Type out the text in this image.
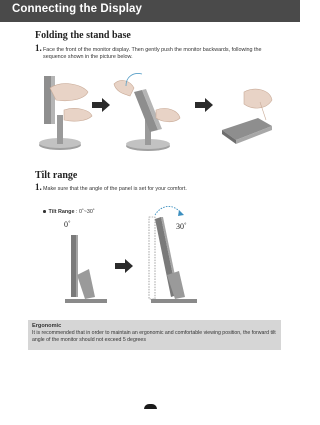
Connecting the Display
Folding the stand base
1. Face the front of the monitor display. Then gently push the monitor backwards, following the sequence shown in the picture below.
Tilt range
1. Make sure that the angle of the panel is set for your comfort.
Tilt Range : 0˚~30˚
0˚	30˚
Ergonomic
It is recommended that in order to maintain an ergonomic and comfortable viewing position, the forward tilt angle of the monitor should not exceed 5 degrees
